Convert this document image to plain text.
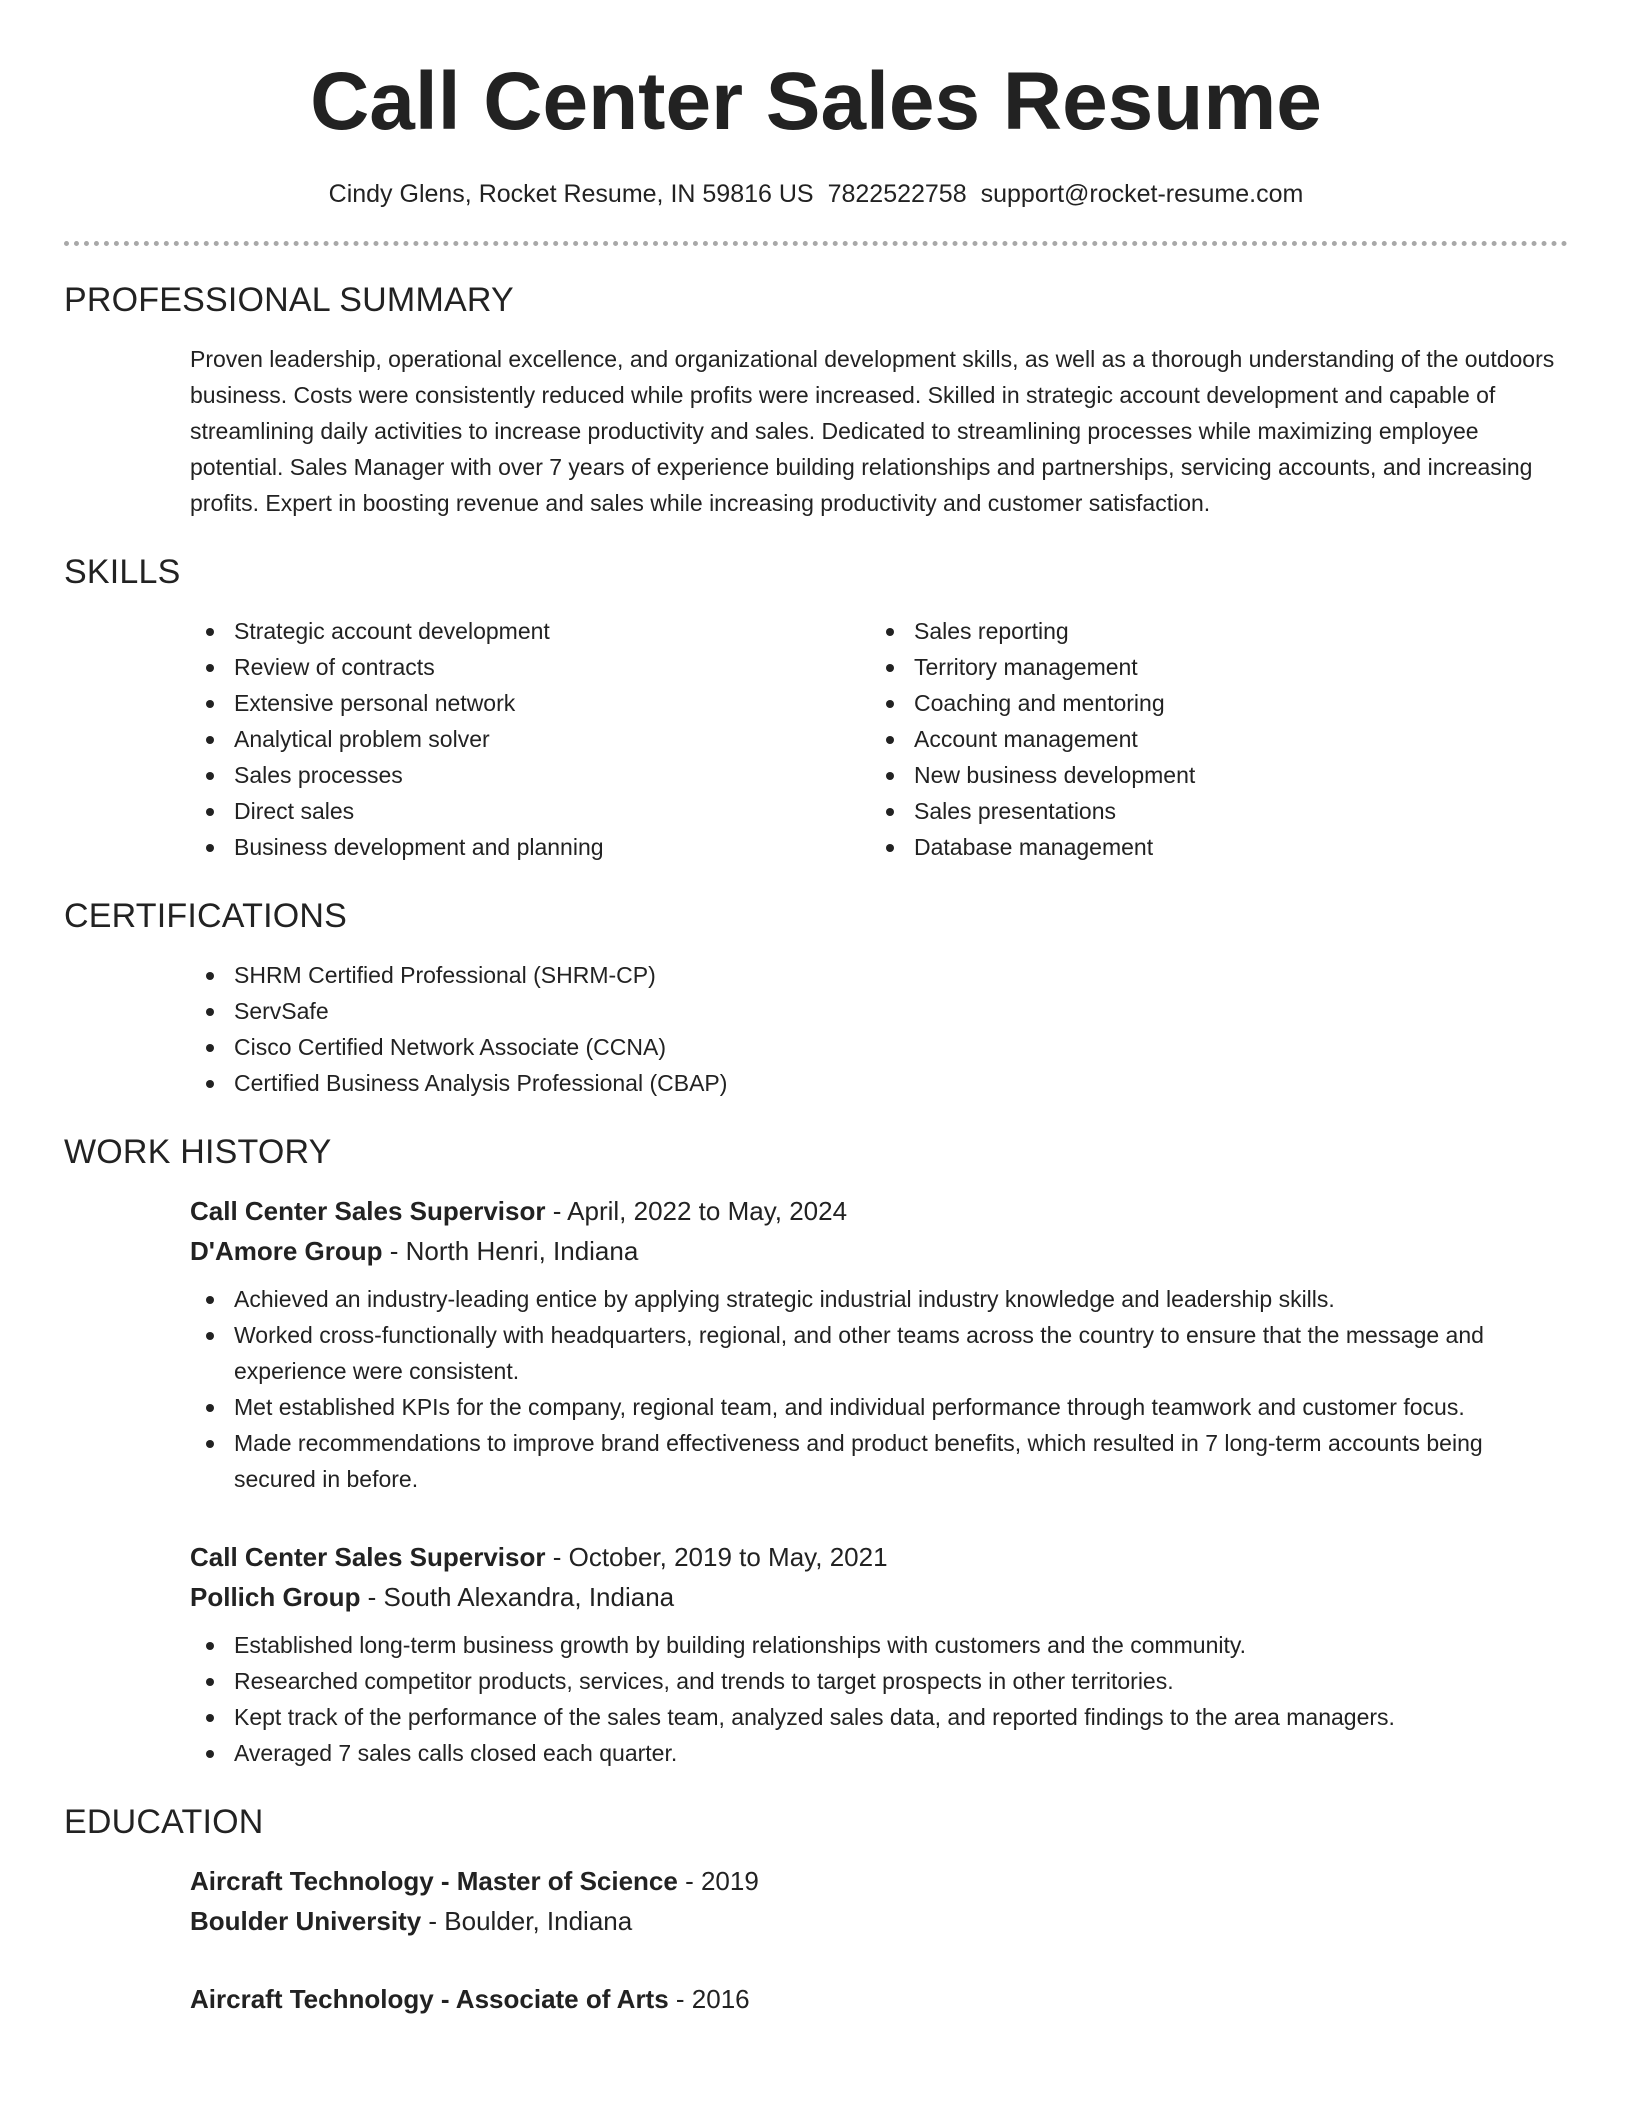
Call Center Sales Resume
Cindy Glens, Rocket Resume, IN 59816 US 7822522758 support@rocket-resume.com
PROFESSIONAL SUMMARY

Proven leadership, operational excellence, and organizational development skills, as well as a thorough understanding of the outdoors business. Costs were consistently reduced while profits were increased. Skilled in strategic account development and capable of streamlining daily activities to increase productivity and sales. Dedicated to streamlining processes while maximizing employee potential. Sales Manager with over 7 years of experience building relationships and partnerships, servicing accounts, and increasing profits. Expert in boosting revenue and sales while increasing productivity and customer satisfaction.

SKILLS
Strategic account development
Review of contracts
Extensive personal network
Analytical problem solver
Sales processes
Direct sales
Business development and planning
Sales reporting
Territory management
Coaching and mentoring
Account management
New business development
Sales presentations
Database management
CERTIFICATIONS
SHRM Certified Professional (SHRM-CP)
ServSafe
Cisco Certified Network Associate (CCNA)
Certified Business Analysis Professional (CBAP)
WORK HISTORY
Call Center Sales Supervisor - April, 2022 to May, 2024
D'Amore Group - North Henri, Indiana
Achieved an industry-leading entice by applying strategic industrial industry knowledge and leadership skills.
Worked cross-functionally with headquarters, regional, and other teams across the country to ensure that the message and experience were consistent.
Met established KPIs for the company, regional team, and individual performance through teamwork and customer focus.
Made recommendations to improve brand effectiveness and product benefits, which resulted in 7 long-term accounts being secured in before.
Call Center Sales Supervisor - October, 2019 to May, 2021
Pollich Group - South Alexandra, Indiana
Established long-term business growth by building relationships with customers and the community.
Researched competitor products, services, and trends to target prospects in other territories.
Kept track of the performance of the sales team, analyzed sales data, and reported findings to the area managers.
Averaged 7 sales calls closed each quarter.
EDUCATION
Aircraft Technology - Master of Science - 2019
Boulder University - Boulder, Indiana
Aircraft Technology - Associate of Arts - 2016
